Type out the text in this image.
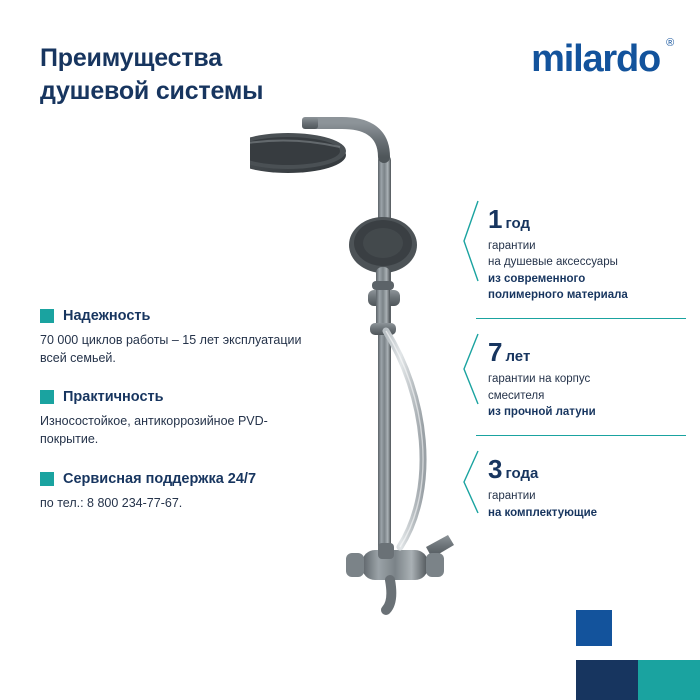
Преимущества
душевой системы
milardo ®
Надежность
70 000 циклов работы – 15 лет эксплуатации всей семьей.
Практичность
Износостойкое, антикоррозийное PVD-покрытие.
Сервисная поддержка 24/7
по тел.: 8 800 234-77-67.
1 год
гарантии
на душевые аксессуары
из современного
полимерного материала
7 лет
гарантии на корпус
смесителя
из прочной латуни
3 года
гарантии
на комплектующие
